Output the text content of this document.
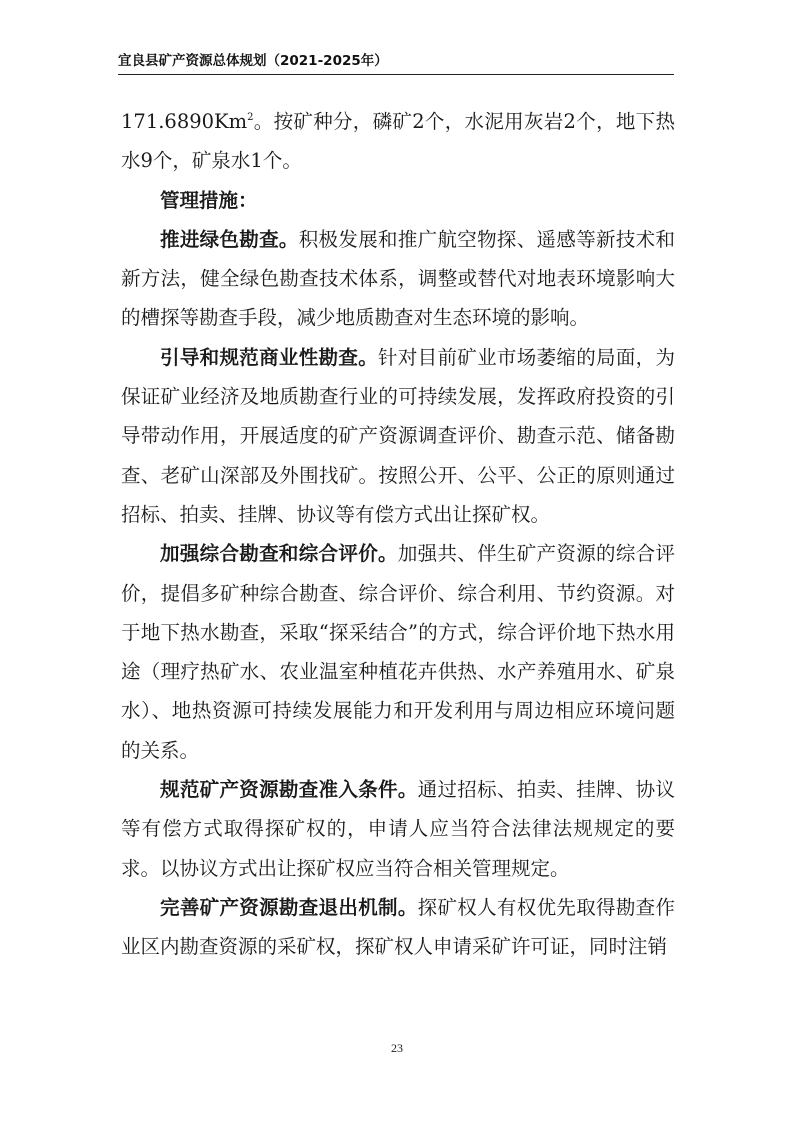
宜良县矿产资源总体规划（2021-2025年）

171.6890Km$^2$。按矿种分，磷矿2个，水泥用灰岩2个，地下热水9个，矿泉水1个。

管理措施：

推进绿色勘查。积极发展和推广航空物探、遥感等新技术和新方法，健全绿色勘查技术体系，调整或替代对地表环境影响大的槽探等勘查手段，减少地质勘查对生态环境的影响。

引导和规范商业性勘查。针对目前矿业市场萎缩的局面，为保证矿业经济及地质勘查行业的可持续发展，发挥政府投资的引导带动作用，开展适度的矿产资源调查评价、勘查示范、储备勘查、老矿山深部及外围找矿。按照公开、公平、公正的原则通过招标、拍卖、挂牌、协议等有偿方式出让探矿权。

加强综合勘查和综合评价。加强共、伴生矿产资源的综合评价，提倡多矿种综合勘查、综合评价、综合利用、节约资源。对于地下热水勘查，采取“探采结合”的方式，综合评价地下热水用途（理疗热矿水、农业温室种植花卉供热、水产养殖用水、矿泉水）、地热资源可持续发展能力和开发利用与周边相应环境问题的关系。

规范矿产资源勘查准入条件。通过招标、拍卖、挂牌、协议等有偿方式取得探矿权的，申请人应当符合法律法规规定的要求。以协议方式出让探矿权应当符合相关管理规定。

完善矿产资源勘查退出机制。探矿权人有权优先取得勘查作业区内勘查资源的采矿权，探矿权人申请采矿许可证，同时注销

23
